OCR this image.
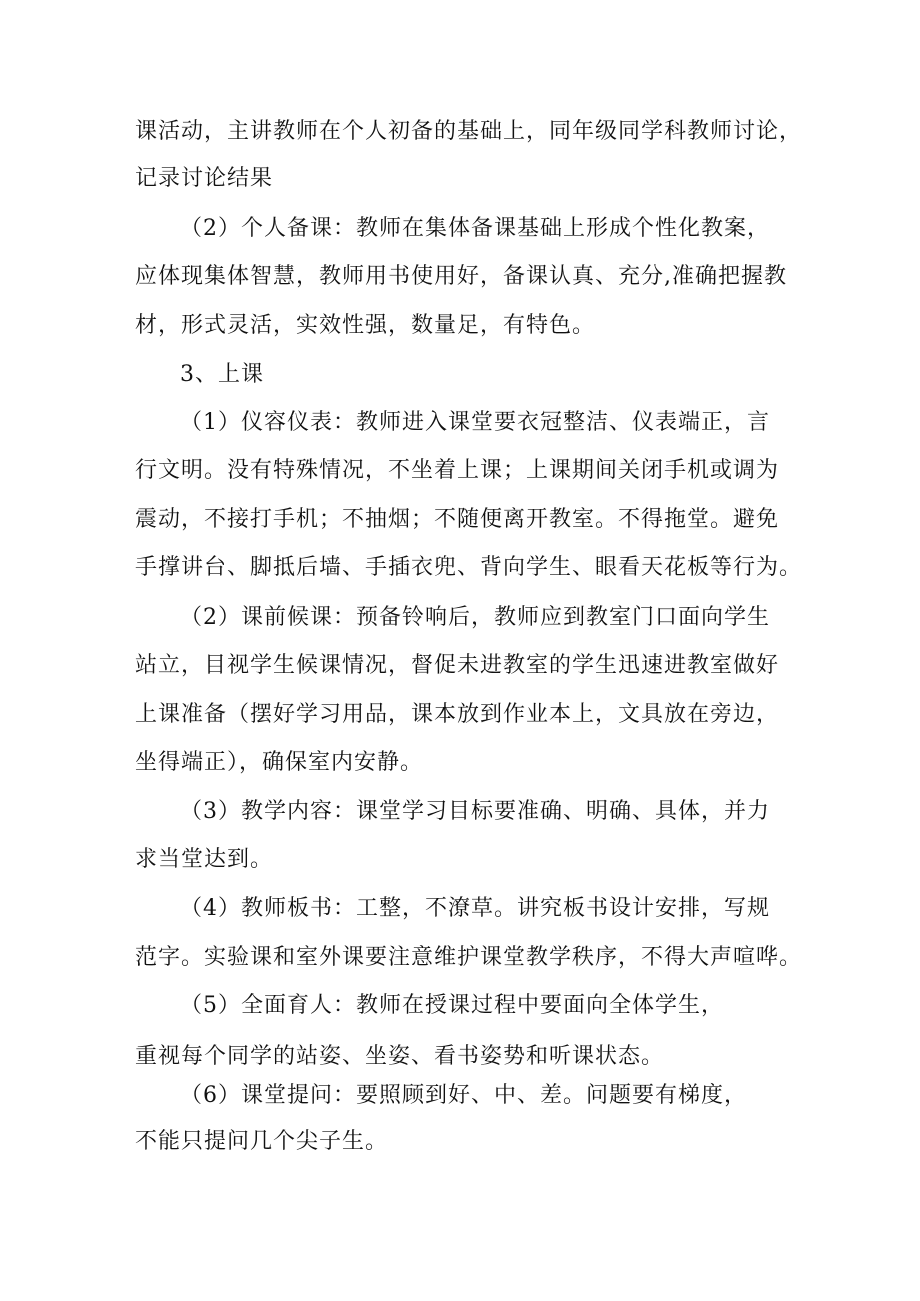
课活动，主讲教师在个人初备的基础上，同年级同学科教师讨论，
记录讨论结果
（2）个人备课：教师在集体备课基础上形成个性化教案，
应体现集体智慧，教师用书使用好，备课认真、充分,准确把握教
材，形式灵活，实效性强，数量足，有特色。
3、上课
（1）仪容仪表：教师进入课堂要衣冠整洁、仪表端正，言
行文明。没有特殊情况，不坐着上课；上课期间关闭手机或调为
震动，不接打手机；不抽烟；不随便离开教室。不得拖堂。避免
手撑讲台、脚抵后墙、手插衣兜、背向学生、眼看天花板等行为。
（2）课前候课：预备铃响后，教师应到教室门口面向学生
站立，目视学生候课情况，督促未进教室的学生迅速进教室做好
上课准备（摆好学习用品，课本放到作业本上，文具放在旁边，
坐得端正），确保室内安静。
（3）教学内容：课堂学习目标要准确、明确、具体，并力
求当堂达到。
（4）教师板书：工整，不潦草。讲究板书设计安排，写规
范字。实验课和室外课要注意维护课堂教学秩序，不得大声喧哗。
（5）全面育人：教师在授课过程中要面向全体学生，
重视每个同学的站姿、坐姿、看书姿势和听课状态。
（6）课堂提问：要照顾到好、中、差。问题要有梯度，
不能只提问几个尖子生。
